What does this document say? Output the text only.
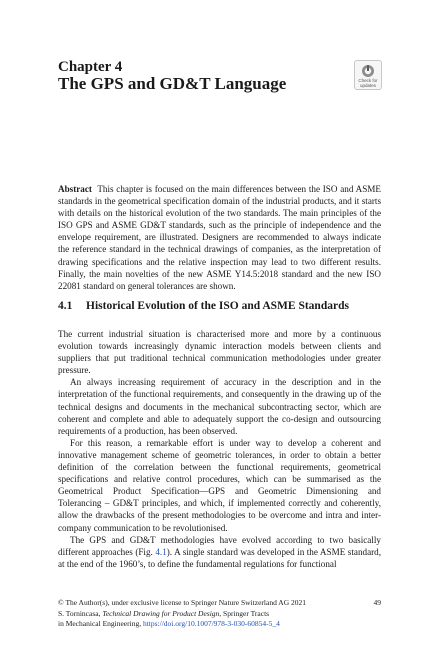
Chapter 4
The GPS and GD&T Language	Check for
updates
Abstract This chapter is focused on the main differences between the ISO and ASME standards in the geometrical specification domain of the industrial products, and it starts with details on the historical evolution of the two standards. The main principles of the ISO GPS and ASME GD&T standards, such as the principle of independence and the envelope requirement, are illustrated. Designers are recommended to always indicate the reference standard in the technical drawings of companies, as the interpretation of drawing specifications and the relative inspection may lead to two different results. Finally, the main novelties of the new ASME Y14.5:2018 standard and the new ISO 22081 standard on general tolerances are shown.
4.1 Historical Evolution of the ISO and ASME Standards

The current industrial situation is characterised more and more by a continuous evolution towards increasingly dynamic interaction models between clients and suppliers that put traditional technical communication methodologies under greater pressure.

An always increasing requirement of accuracy in the description and in the interpretation of the functional requirements, and consequently in the drawing up of the technical designs and documents in the mechanical subcontracting sector, which are coherent and complete and able to adequately support the co-design and outsourcing requirements of a production, has been observed.

For this reason, a remarkable effort is under way to develop a coherent and innovative management scheme of geometric tolerances, in order to obtain a better definition of the correlation between the functional requirements, geometrical specifications and relative control procedures, which can be summarised as the Geometrical Product Specification—GPS and Geometric Dimensioning and Tolerancing – GD&T principles, and which, if implemented correctly and coherently, allow the drawbacks of the present methodologies to be overcome and intra and inter-company communication to be revolutionised.

The GPS and GD&T methodologies have evolved according to two basically different approaches (Fig. 4.1). A single standard was developed in the ASME standard, at the end of the 1960’s, to define the fundamental regulations for functional

© The Author(s), under exclusive license to Springer Nature Switzerland AG 2021
S. Tornincasa, Technical Drawing for Product Design, Springer Tracts
in Mechanical Engineering, https://doi.org/10.1007/978-3-030-60854-5_4
49
